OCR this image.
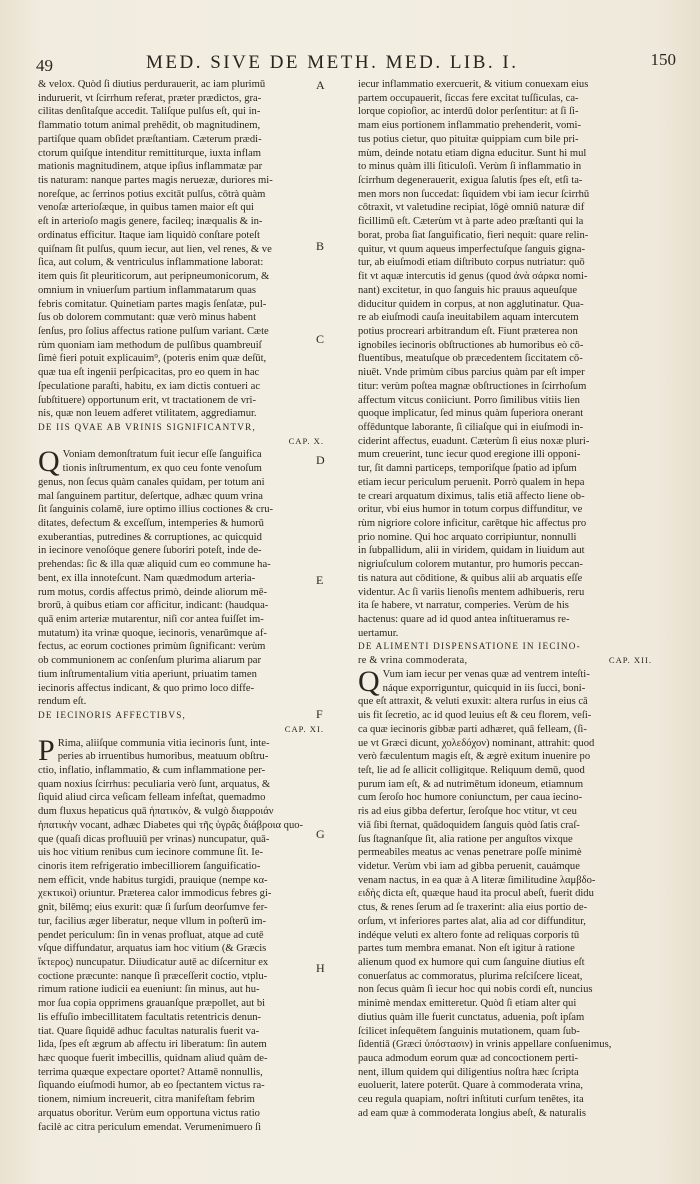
49	MED. SIVE DE METH. MED. LIB. I.	150
& velox. Quòd ſi diutius perdurauerit, ac iam plurimū
induruerit, vt ſcirrhum referat, præter prædictos, gra-
cilitas denſitaſque accedit. Taliſque pulſus eſt, qui in-
flammatio totum animal prehēdit, ob magnitudinem,
partiſque quam obſidet præſtantiam. Cæterum prædi-
ctorum quiſque intenditur remittiturque, iuxta inflam
mationis magnitudinem, atque ipſius inflammatæ par
tis naturam: nanque partes magis neruezæ, duriores mi-
noreſque, ac ſerrinos potius excitāt pulſus, cōtrà quàm
venoſæ arterioſæque, in quibus tamen maior eſt qui
eſt in arterioſo magis genere, facileq; inæqualis & in-
ordinatus efficitur. Itaque iam liquidò conſtare poteſt
quiſnam ſit pulſus, quum iecur, aut lien, vel renes, & ve
ſica, aut colum, & ventriculus inflammatione laborat:
item quis ſit pleuriticorum, aut peripneumonicorum, &
omnium in vniuerſum partium inflammatarum quas
febris comitatur. Quinetiam partes magis ſenſatæ, pul-
ſus ob dolorem commutant: quæ verò minus habent
ſenſus, pro ſolius affectus ratione pulſum variant. Cæte
rùm quoniam iam methodum de pulſibus quambreuiſ
ſimè fieri potuit explicauim⁹, (poteris enim quæ deſūt,
quæ tua eſt ingenii perſpicacitas, pro eo quem in hac
ſpeculatione paraſti, habitu, ex iam dictis contueri ac
ſubſtituere) opportunum erit, vt tractationem de vri-
nis, quæ non leuem adferet vtilitatem, aggrediamur.
DE IIS QVAE AB VRINIS SIGNIFICANTVR,
CAP. X.
Q Voniam demonſtratum fuit iecur eſſe ſanguifica
tionis inſtrumentum, ex quo ceu fonte venoſum
genus, non ſecus quàm canales quidam, per totum ani
mal ſanguinem partitur, deſertque, adhæc quum vrina
ſit ſanguinis colamē, iure optimo illius coctiones & cru-
ditates, defectum & exceſſum, intemperies & humorū
exuberantias, putredines & corruptiones, ac quicquid
in iecinore venoſóque genere ſuboriri poteſt, inde de-
prehendas: ſic & illa quæ aliquid cum eo commune ha-
bent, ex illa innoteſcunt. Nam quædmodum arteria-
rum motus, cordis affectus primò, deinde aliorum mē-
brorū, à quibus etiam cor afficitur, indicant: (haudqua-
quā enim arteriæ mutarentur, niſi cor antea fuiſſet im-
mutatum) ita vrinæ quoque, iecinoris, venarūmque af-
fectus, ac eorum coctiones primùm ſignificant: verùm
ob communionem ac conſenſum plurima aliarum par
tium inſtrumentalium vitia aperiunt, priuatim tamen
iecinoris affectus indicant, & quo primo loco diffe-
rendum eſt.
DE IECINORIS AFFECTIBVS,
CAP. XI.
P Rima, aliiſque communia vitia iecinoris ſunt, inte-
peries ab irruentibus humoribus, meatuum obſtru-
ctio, inflatio, inflammatio, & cum inflammatione per-
quam noxius ſcirrhus: peculiaria verò ſunt, arquatus, &
ſiquid aliud circa veſicam felleam infeſtat, quemadmo
dum fluxus hepaticus quā ἡπατικὸν, & vulgò διαρροιάν
ἡπατικὴν vocant, adhæc Diabetes qui τῆς ὑγρᾶς διάβροια quo-
que (quaſi dicas profluuiū per vrinas) nuncupatur, quā-
uis hoc vitium renibus cum iecinore commune ſit. Ie-
cinoris item refrigeratio imbecilliorem ſanguificatio-
nem efficit, vnde habitus turgidi, prauique (nempe κα-
χεκτικοὶ) oriuntur. Præterea calor immodicus febres gi-
gnit, bilēmq; eius exurit: quæ ſi ſurſum deorſumve fer-
tur, facilius æger liberatur, neque vllum in poſterū im-
pendet periculum: ſin in venas profluat, atque ad cutē
vſque diffundatur, arquatus iam hoc vitium (& Græcis
ἴκτερος) nuncupatur. Diiudicatur autē ac diſcernitur ex
coctione præcunte: nanque ſi præceſſerit coctio, vtplu-
rimum ratione iudicii ea eueniunt: ſin minus, aut hu-
mor ſua copia opprimens grauanſque præpollet, aut bi
lis effuſio imbecillitatem facultatis retentricis denun-
tiat. Quare ſiquidē adhuc facultas naturalis fuerit va-
lida, ſpes eſt ægrum ab affectu iri liberatum: ſin autem
hæc quoque fuerit imbecillis, quidnam aliud quàm de-
terrima quæque expectare oportet? Attamē nonnullis,
ſiquando eiuſmodi humor, ab eo ſpectantem victus ra-
tionem, nimium increuerit, citra manifeſtam febrim
arquatus oboritur. Verùm eum opportuna victus ratio
facilè ac citra periculum emendat. Verumenimuero ſi
iecur inflammatio exercuerit, & vitium conuexam eius
partem occupauerit, ſiccas fere excitat tuſſiculas, ca-
lorque copioſior, ac interdū dolor perſentitur: at ſi ſi-
mam eius portionem inflammatio prehenderit, vomi-
tus potius cietur, quo pituitæ quippiam cum bile pri-
mùm, deinde notatu etiam digna educitur. Sunt hi mul
to minus quàm illi ſiticuloſi. Verùm ſi inflammatio in
ſcirrhum degenerauerit, exigua ſalutis ſpes eſt, etſi ta-
men mors non ſuccedat: ſiquidem vbi iam iecur ſcirrhū
cōtraxit, vt valetudine recipiat, lōgè omniū naturæ dif
ficillimū eſt. Cæterùm vt à parte adeo præſtanti qui la
borat, proba ſiat ſanguificatio, fieri nequit: quare relin-
quitur, vt quum aqueus imperfectuſque ſanguis gigna-
tur, ab eiuſmodi etiam diſtributo corpus nutriatur: quō
fit vt aquæ intercutis id genus (quod ἀνὰ σάρκα nomi-
nant) excitetur, in quo ſanguis hic prauus aqueuſque
diducitur quidem in corpus, at non agglutinatur. Qua-
re ab eiuſmodi cauſa ineuitabilem aquam intercutem
potius procreari arbitrandum eſt. Fiunt præterea non
ignobiles iecinoris obſtructiones ab humoribus eò cō-
fluentibus, meatuſque ob præcedentem ſiccitatem cō-
niuēt. Vnde primùm cibus parcius quàm par eſt imper
titur: verùm poſtea magnæ obſtructiones in ſcirrhoſum
affectum vitcus coniiciunt. Porro ſimilibus vitiis lien
quoque implicatur, ſed minus quàm ſuperiora onerant
offēduntque laborante, ſi ciliaſque qui in eiuſmodi in-
ciderint affectus, euadunt. Cæterùm ſi eius noxæ pluri-
mum creuerint, tunc iecur quod eregione illi opponi-
tur, ſit damni particeps, temporiſque ſpatio ad ipſum
etiam iecur periculum peruenit. Porrò qualem in hepa
te creari arquatum diximus, talis etiā affecto liene ob-
oritur, vbi eius humor in totum corpus diffunditur, ve
rùm nigriore colore inficitur, carētque hic affectus pro
prio nomine. Qui hoc arquato corripiuntur, nonnulli
in ſubpallidum, alii in viridem, quidam in liuidum aut
nigriuſculum colorem mutantur, pro humoris peccan-
tis natura aut cōditione, & quibus alii ab arquatis eſſe
videntur. Ac ſi variis lienoſis mentem adhibueris, reru
ita ſe habere, vt narratur, comperies. Verùm de his
hactenus: quare ad id quod antea inſtitueramus re-
uertamur.
DE ALIMENTI DISPENSATIONE IN IECINO-
re & vrina commoderata,	CAP. XII.
Q Vum iam iecur per venas quæ ad ventrem inteſti-
náque exporriguntur, quicquid in iis ſucci, boni-
que eſt attraxit, & veluti exuxit: altera rurſus in eius cā
uis fit ſecretio, ac id quod leuius eſt & ceu florem, veſi-
ca quæ iecinoris gibbæ parti adhæret, quā felleam, (ſi-
ue vt Græci dicunt, χολεδόχον) nominant, attrahit: quod
verò fæculentum magis eſt, & ægrè exitum inuenire po
teſt, lie ad ſe allicit colligitque. Reliquum demū, quod
purum iam eſt, & ad nutrimētum idoneum, etiamnum
cum ſeroſo hoc humore coniunctum, per caua iecino-
ris ad eius gibba defertur, ſeroſque hoc vtitur, vt ceu
viā ſibi ſternat, quādoquidem ſanguis quòd ſatis craſ-
ſus ſtagnanſque ſit, alia ratione per anguſtos vixque
permeabiles meatus ac venas penetrare poſſe minimè
videtur. Verùm vbi iam ad gibba peruenit, cauámque
venam nactus, in ea quæ à A literæ ſimilitudine λαμβδο-
ειδὴς dicta eſt, quæque haud ita procul abeſt, fuerit didu
ctus, & renes ſerum ad ſe traxerint: alia eius portio de-
orſum, vt inferiores partes alat, alia ad cor diffunditur,
indéque veluti ex altero fonte ad reliquas corporis tū
partes tum membra emanat. Non eſt igitur à ratione
alienum quod ex humore qui cum ſanguine diutius eſt
conuerſatus ac commoratus, plurima reſciſcere liceat,
non ſecus quàm ſi iecur hoc qui nobis cordi eſt, nuncius
minimè mendax emitteretur. Quòd ſi etiam alter qui
diutius quàm ille fuerit cunctatus, aduenia, poſt ipſam
ſcilicet inſequētem ſanguinis mutationem, quam ſub-
ſidentiā (Græci ὑπόστασιν) in vrinis appellare conſuenimus,
pauca admodum eorum quæ ad concoctionem perti-
nent, illum quidem qui diligentius noſtra hæc ſcripta
euoluerit, latere poterūt. Quare à commoderata vrina,
ceu regula quapiam, noſtri inſtituti curſum tenētes, ita
ad eam quæ à commoderata longius abeſt, & naturalis
A
B
C
D
E
F
G
H
